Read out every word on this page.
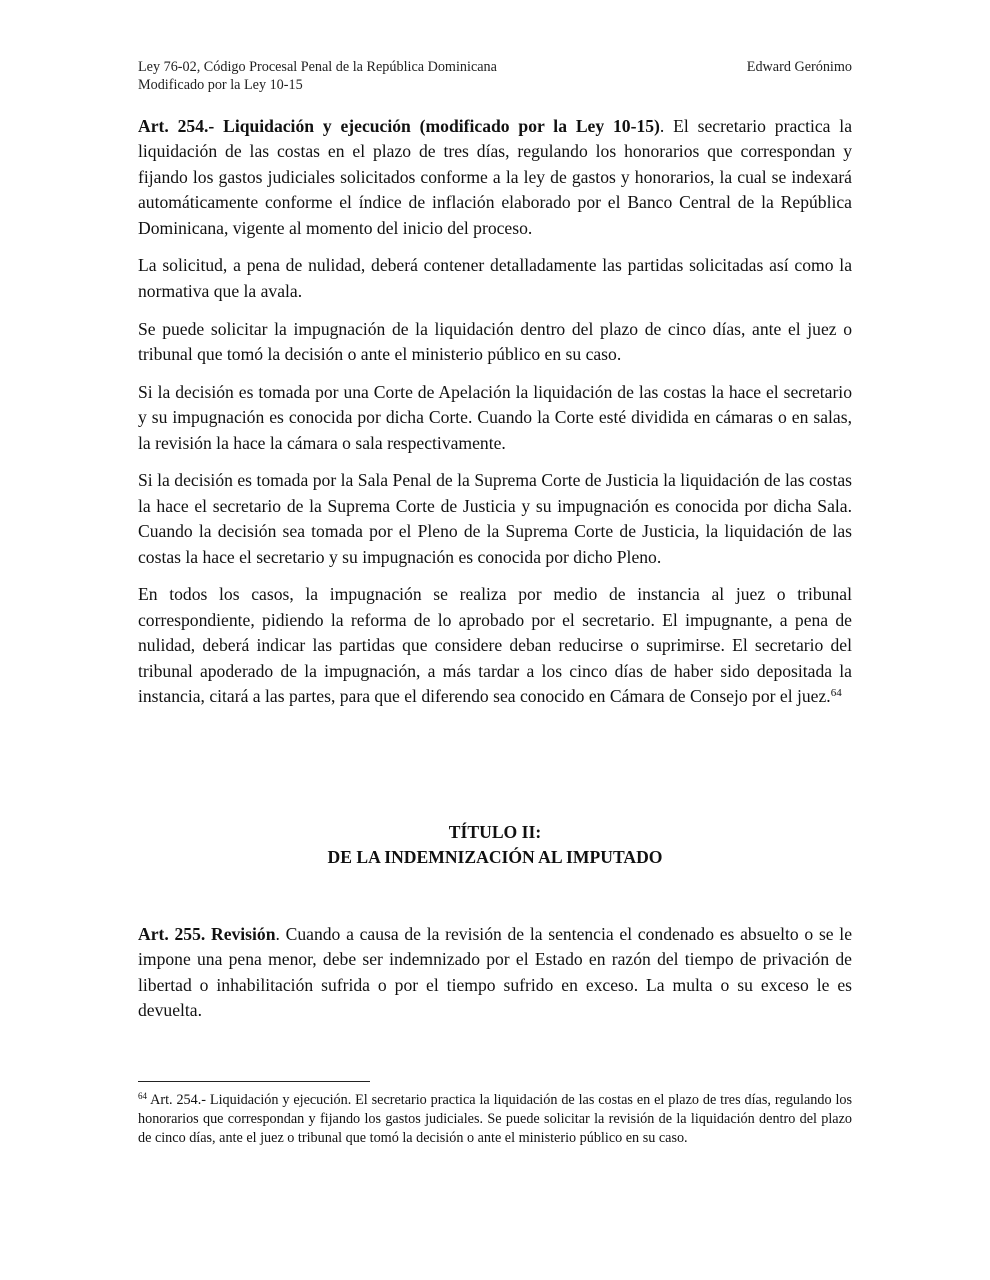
Ley 76-02, Código Procesal Penal de la República Dominicana
Modificado por la Ley 10-15
Edward Gerónimo

Art. 254.- Liquidación y ejecución (modificado por la Ley 10-15). El secretario practica la liquidación de las costas en el plazo de tres días, regulando los honorarios que correspondan y fijando los gastos judiciales solicitados conforme a la ley de gastos y honorarios, la cual se indexará automáticamente conforme el índice de inflación elaborado por el Banco Central de la República Dominicana, vigente al momento del inicio del proceso.

La solicitud, a pena de nulidad, deberá contener detalladamente las partidas solicitadas así como la normativa que la avala.

Se puede solicitar la impugnación de la liquidación dentro del plazo de cinco días, ante el juez o tribunal que tomó la decisión o ante el ministerio público en su caso.

Si la decisión es tomada por una Corte de Apelación la liquidación de las costas la hace el secretario y su impugnación es conocida por dicha Corte. Cuando la Corte esté dividida en cámaras o en salas, la revisión la hace la cámara o sala respectivamente.

Si la decisión es tomada por la Sala Penal de la Suprema Corte de Justicia la liquidación de las costas la hace el secretario de la Suprema Corte de Justicia y su impugnación es conocida por dicha Sala. Cuando la decisión sea tomada por el Pleno de la Suprema Corte de Justicia, la liquidación de las costas la hace el secretario y su impugnación es conocida por dicho Pleno.

En todos los casos, la impugnación se realiza por medio de instancia al juez o tribunal correspondiente, pidiendo la reforma de lo aprobado por el secretario. El impugnante, a pena de nulidad, deberá indicar las partidas que considere deban reducirse o suprimirse. El secretario del tribunal apoderado de la impugnación, a más tardar a los cinco días de haber sido depositada la instancia, citará a las partes, para que el diferendo sea conocido en Cámara de Consejo por el juez.$^{64}$

TÍTULO II:
DE LA INDEMNIZACIÓN AL IMPUTADO

Art. 255. Revisión. Cuando a causa de la revisión de la sentencia el condenado es absuelto o se le impone una pena menor, debe ser indemnizado por el Estado en razón del tiempo de privación de libertad o inhabilitación sufrida o por el tiempo sufrido en exceso. La multa o su exceso le es devuelta.

$^{64}$ Art. 254.- Liquidación y ejecución. El secretario practica la liquidación de las costas en el plazo de tres días, regulando los honorarios que correspondan y fijando los gastos judiciales. Se puede solicitar la revisión de la liquidación dentro del plazo de cinco días, ante el juez o tribunal que tomó la decisión o ante el ministerio público en su caso.
